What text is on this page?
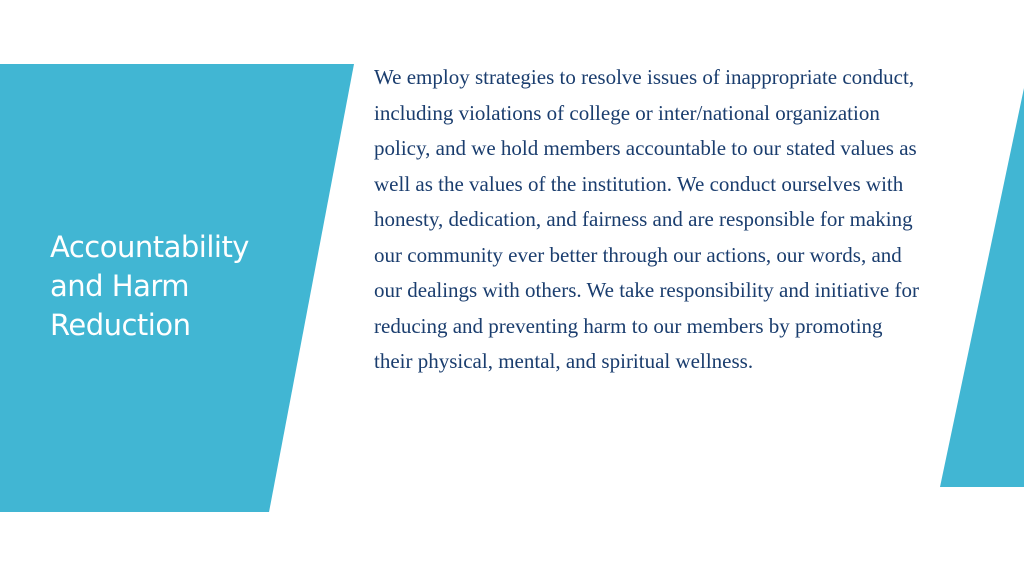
Accountability and Harm Reduction

We employ strategies to resolve issues of inappropriate conduct, including violations of college or inter/national organization policy, and we hold members accountable to our stated values as well as the values of the institution. We conduct ourselves with honesty, dedication, and fairness and are responsible for making our community ever better through our actions, our words, and our dealings with others. We take responsibility and initiative for reducing and preventing harm to our members by promoting their physical, mental, and spiritual wellness.
